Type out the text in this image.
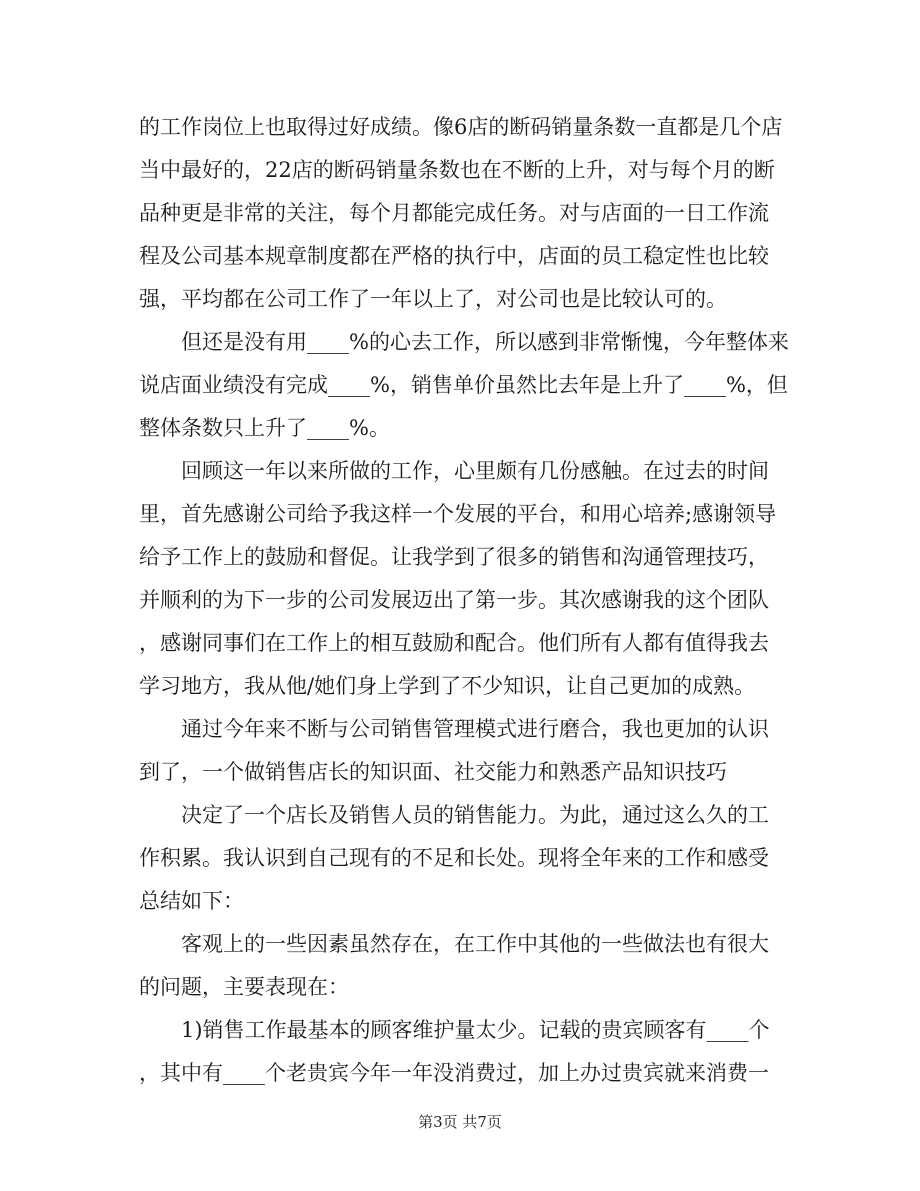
的工作岗位上也取得过好成绩。像6店的断码销量条数一直都是几个店
当中最好的，22店的断码销量条数也在不断的上升，对与每个月的断
品种更是非常的关注，每个月都能完成任务。对与店面的一日工作流
程及公司基本规章制度都在严格的执行中，店面的员工稳定性也比较
强，平均都在公司工作了一年以上了，对公司也是比较认可的。
但还是没有用____%的心去工作，所以感到非常惭愧，今年整体来
说店面业绩没有完成____%，销售单价虽然比去年是上升了____%，但
整体条数只上升了____%。
回顾这一年以来所做的工作，心里颇有几份感触。在过去的时间
里，首先感谢公司给予我这样一个发展的平台，和用心培养;感谢领导
给予工作上的鼓励和督促。让我学到了很多的销售和沟通管理技巧，
并顺利的为下一步的公司发展迈出了第一步。其次感谢我的这个团队
，感谢同事们在工作上的相互鼓励和配合。他们所有人都有值得我去
学习地方，我从他/她们身上学到了不少知识，让自己更加的成熟。
通过今年来不断与公司销售管理模式进行磨合，我也更加的认识
到了，一个做销售店长的知识面、社交能力和熟悉产品知识技巧
决定了一个店长及销售人员的销售能力。为此，通过这么久的工
作积累。我认识到自己现有的不足和长处。现将全年来的工作和感受
总结如下：
客观上的一些因素虽然存在，在工作中其他的一些做法也有很大
的问题，主要表现在：
1)销售工作最基本的顾客维护量太少。记载的贵宾顾客有____个
，其中有____个老贵宾今年一年没消费过，加上办过贵宾就来消费一
第3页 共7页
